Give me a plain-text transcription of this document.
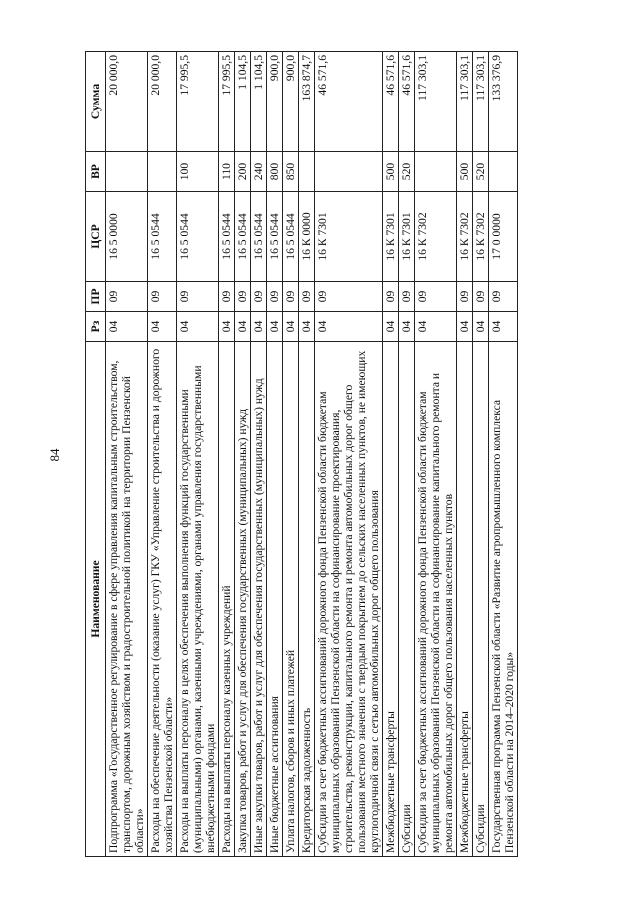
84
Наименование	Рз	ПР	ЦСР	ВР	Сумма
Подпрограмма «Государственное регулирование в сфере управления капитальным строительством, транспортом, дорожным хозяйством и градостроительной политикой на территории Пензенской области»	04	09	16 5 0000		20 000,0
Расходы на обеспечение деятельности (оказание услуг) ГКУ «Управление строительства и дорожного хозяйства Пензенской области»	04	09	16 5 0544		20 000,0
Расходы на выплаты персоналу в целях обеспечения выполнения функций государственными (муниципальными) органами, казенными учреждениями, органами управления государственными внебюджетными фондами	04	09	16 5 0544	100	17 995,5
Расходы на выплаты персоналу казенных учреждений	04	09	16 5 0544	110	17 995,5
Закупка товаров, работ и услуг для обеспечения государственных (муниципальных) нужд	04	09	16 5 0544	200	1 104,5
Иные закупки товаров, работ и услуг для обеспечения государственных (муниципальных) нужд	04	09	16 5 0544	240	1 104,5
Иные бюджетные ассигнования	04	09	16 5 0544	800	900,0
Уплата налогов, сборов и иных платежей	04	09	16 5 0544	850	900,0
Кредиторская задолженность	04	09	16 К 0000		163 874,7
Субсидии за счет бюджетных ассигнований дорожного фонда Пензенской области бюджетам муниципальных образований Пензенской области на софинансирование проектирования, строительства, реконструкции, капитального ремонта и ремонта автомобильных дорог общего пользования местного значения с твердым покрытием до сельских населенных пунктов, не имеющих круглогодичной связи с сетью автомобильных дорог общего пользования	04	09	16 К 7301		46 571,6
Межбюджетные трансферты	04	09	16 К 7301	500	46 571,6
Субсидии	04	09	16 К 7301	520	46 571,6
Субсидии за счет бюджетных ассигнований дорожного фонда Пензенской области бюджетам муниципальных образований Пензенской области на софинансирование капитального ремонта и ремонта автомобильных дорог общего пользования населенных пунктов	04	09	16 К 7302		117 303,1
Межбюджетные трансферты	04	09	16 К 7302	500	117 303,1
Субсидии	04	09	16 К 7302	520	117 303,1
Государственная программа Пензенской области «Развитие агропромышленного комплекса Пензенской области на 2014–2020 годы»	04	09	17 0 0000		133 376,9
